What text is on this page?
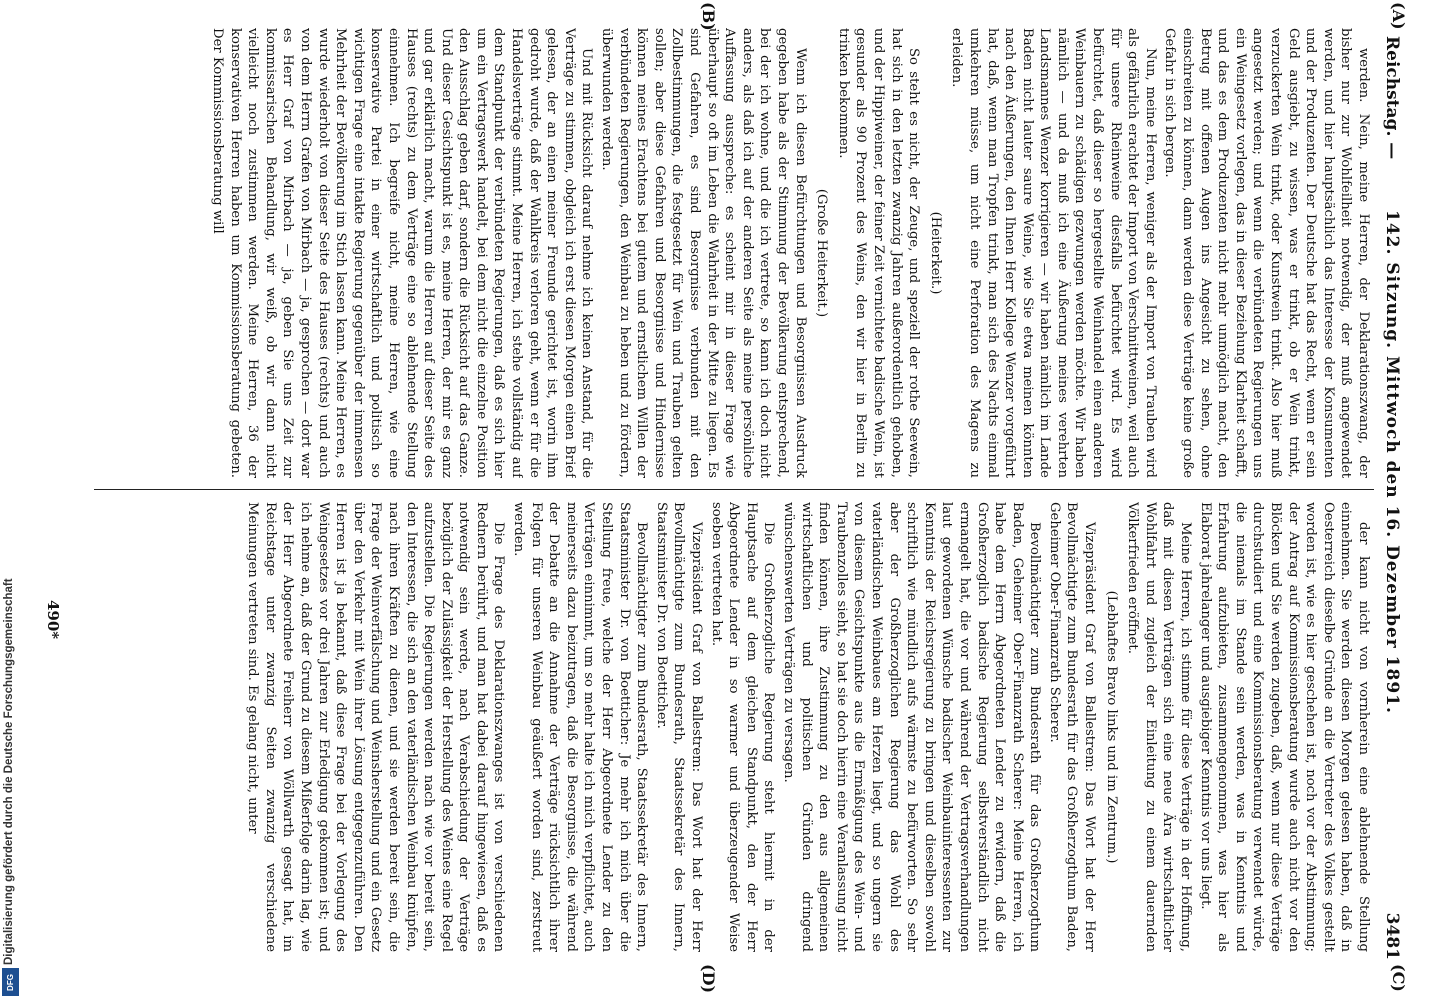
Digitalisierung gefördert durch die Deutsche Forschungsgemeinschaft
DFG
Reichstag. —
142. Sitzung. Mittwoch den 16. Dezember 1891.
3481
(A)
(B)
(C)
(D)

werden. Nein, meine Herren, der Deklarationszwang, der bisher nur zur Wohlfeilheit notwendig, der muß angewendet werden, und hier hauptsächlich das Interesse der Konsumenten und der Produzenten. Der Deutsche hat das Recht, wenn er sein Geld ausgiebt, zu wissen, was er trinkt, ob er Wein trinkt, verzuckerten Wein trinkt, oder Kunstwein trinkt. Also hier muß angesetzt werden; und wenn die verbündeten Regierungen uns ein Weingesetz vorlegen, das in dieser Beziehung Klarheit schafft, und das es dem Produzenten nicht mehr unmöglich macht, den Betrug mit offenen Augen ins Angesicht zu sehen, ohne einschreiten zu können, dann werden diese Verträge keine große Gefahr in sich bergen.

Nun, meine Herren, weniger als der Import von Trauben wird als gefährlich erachtet der Import von Verschnittweinen, weil auch für unsere Rheinweine diesfalls befürchtet wird. Es wird befürchtet, daß dieser so hergestellte Weinhandel einen anderen Weinbauern zu schädigen gezwungen werden möchte. Wir haben nämlich — und da muß ich eine Äußerung meines verehrten Landsmannes Wenzer korrigieren — wir haben nämlich im Lande Baden nicht lauter saure Weine, wie Sie etwa meinen könnten nach den Äußerungen, den Ihnen Herr Kollege Wenzer vorgeführt hat, daß, wenn man Tropfen trinkt, man sich des Nachts einmal umkehren müsse, um nicht eine Perforation des Magens zu erleiden.

(Heiterkeit.)

So steht es nicht, der Zeuge, und speziell der rothe Seewein, hat sich in den letzten zwanzig Jahren außerordentlich gehoben, und der Hippiweiner, der feiner Zeit vernichtete badische Wein, ist gesunder als 90 Prozent des Weins, den wir hier in Berlin zu trinken bekommen.

(Große Heiterkeit.)

Wenn ich diesen Befürchtungen und Besorgnissen Ausdruck gegeben habe als der Stimmung der Bevölkerung entsprechend, bei der ich wohne, und die ich vertrete, so kann ich doch nicht anders, als daß ich auf der anderen Seite als meine persönliche Auffassung ausspreche: es scheint mir in dieser Frage wie überhaupt so oft im Leben die Wahrheit in der Mitte zu liegen. Es sind Gefahren, es sind Besorgnisse verbunden mit den Zollbestimmungen, die festgesetzt für Wein und Trauben gelten sollen; aber diese Gefahren und Besorgnisse und Hindernisse können meines Erachtens bei gutem und ernstlichem Willen der verbündeten Regierungen, den Weinbau zu heben und zu fördern, überwunden werden.

Und mit Rücksicht darauf nehme ich keinen Anstand, für die Verträge zu stimmen, obgleich ich erst diesen Morgen einen Brief gelesen, der an einen meiner Freunde gerichtet ist, worin ihm gedroht wurde, daß der Wahlkreis verloren geht, wenn er für die Handelsverträge stimmt. Meine Herren, ich stehe vollständig auf dem Standpunkt der verbündeten Regierungen, daß es sich hier um ein Vertragswerk handelt, bei dem nicht die einzelne Position den Ausschlag geben darf, sondern die Rücksicht auf das Ganze. Und dieser Gesichtspunkt ist es, meine Herren, der mir es ganz und gar erklärlich macht, warum die Herren auf dieser Seite des Hauses (rechts) zu dem Verträge eine so ablehnende Stellung einnehmen. Ich begreife nicht, meine Herren, wie eine konservative Partei in einer wirtschaftlich und politisch so wichtigen Frage eine intakte Regierung gegenüber der immensen Mehrheit der Bevölkerung im Stich lassen kann. Meine Herren, es wurde wiederholt von dieser Seite des Hauses (rechts) und auch von dem Herrn Grafen von Mirbach — ja, gesprochen — dort war es Herr Graf von Mirbach — ja, geben Sie uns Zeit zur kommissarischen Behandlung, wir weiß, ob wir dann nicht vielleicht noch zustimmen werden. Meine Herren, 36 der konservativen Herren haben um Kommissionsberatung gebeten. Der Kommissionsberatung will

der kann nicht von vornherein eine ablehnende Stellung einnehmen. Sie werden diesen Morgen gelesen haben, daß in Oesterreich dieselbe Gründe an die Vertreter des Volkes gestellt worden ist, wie es hier geschehen ist, noch vor der Abstimmung; der Antrag auf Kommissionsberatung wurde auch nicht vor den Blöcken und Sie werden zugeben, daß, wenn nur diese Verträge durchstudiert und eine Kommissionsberatung verwendet würde, die niemals im Stande sein werden, was in Kenntnis und Erfahrung aufzubieten, zusammengenommen, was hier als Elaborat jahrelanger und ausgiebiger Kenntnis vor uns liegt.

Meine Herren, ich stimme für diese Verträge in der Hoffnung, daß mit diesen Verträgen sich eine neue Ära wirtschaftlicher Wohlfahrt und zugleich der Einleitung zu einem dauernden Völkerfrieden eröffnet.

(Lebhaftes Bravo links und im Zentrum.)

Vizepräsident Graf von Ballestrem: Das Wort hat der Herr Bevollmächtigte zum Bundesrath für das Großherzogthum Baden, Geheimer Ober-Finanzrath Scherer.

Bevollmächtigter zum Bundesrath für das Großherzogthum Baden, Geheimer Ober-Finanzrath Scherer: Meine Herren, ich habe dem Herrn Abgeordneten Lender zu erwidern, daß die Großherzoglich badische Regierung selbstverständlich nicht ermangelt hat, die vor und während der Vertragsverhandlungen laut gewordenen Wünsche badischer Weinbauinteressenten zur Kenntnis der Reichsregierung zu bringen und dieselben sowohl schriftlich wie mündlich aufs wärmste zu befürworten. So sehr aber der Großherzoglichen Regierung das Wohl des vaterländischen Weinbaues am Herzen liegt, und so ungern sie von diesem Gesichtspunkte aus die Ermäßigung des Wein- und Traubenzolles sieht, so hat sie doch hierin eine Veranlassung nicht finden können, ihre Zustimmung zu den aus allgemeinen wirtschaftlichen und politischen Gründen dringend wünschenswerten Verträgen zu versagen.

Die Großherzogliche Regierung steht hiermit in der Hauptsache auf dem gleichen Standpunkt, den der Herr Abgeordnete Lender in so warmer und überzeugender Weise soeben vertreten hat.

Vizepräsident Graf von Ballestrem: Das Wort hat der Herr Bevollmächtigte zum Bundesrath, Staatssekretär des Innern, Staatsminister Dr. von Boetticher.

Bevollmächtigter zum Bundesrath, Staatssekretär des Innern, Staatsminister Dr. von Boetticher: Je mehr ich mich über die Stellung freue, welche der Herr Abgeordnete Lender zu den Verträgen einnimmt, um so mehr halte ich mich verpflichtet, auch meinerseits dazu beizutragen, daß die Besorgnisse, die während der Debatte an die Annahme der Verträge rücksichtlich ihrer Folgen für unseren Weinbau geäußert worden sind, zerstreut werden.

Die Frage des Deklarationszwanges ist von verschiedenen Rednern berührt, und man hat dabei darauf hingewiesen, daß es notwendig sein werde, nach Verabschiedung der Verträge bezüglich der Zulässigkeit der Herstellung des Weines eine Regel aufzustellen. Die Regierungen werden nach wie vor bereit sein, den Interessen, die sich an den vaterländischen Weinbau knüpfen, nach ihren Kräften zu dienen, und sie werden bereit sein, die Frage der Weinverfälschung und Weinsherstellung und ein Gesetz über den Verkehr mit Wein ihrer Lösung entgegenzuführen. Den Herren ist ja bekannt, daß diese Frage bei der Vorlegung des Weingesetzes vor drei Jahren zur Erledigung gekommen ist; und ich nehme an, daß der Grund zu diesem Mißerfolge darin lag, wie der Herr Abgeordnete Freiherr von Wöllwarth gesagt hat, im Reichstage unter zwanzig Seiten zwanzig verschiedene Meinungen vertreten sind. Es gelang nicht, unter

490*
